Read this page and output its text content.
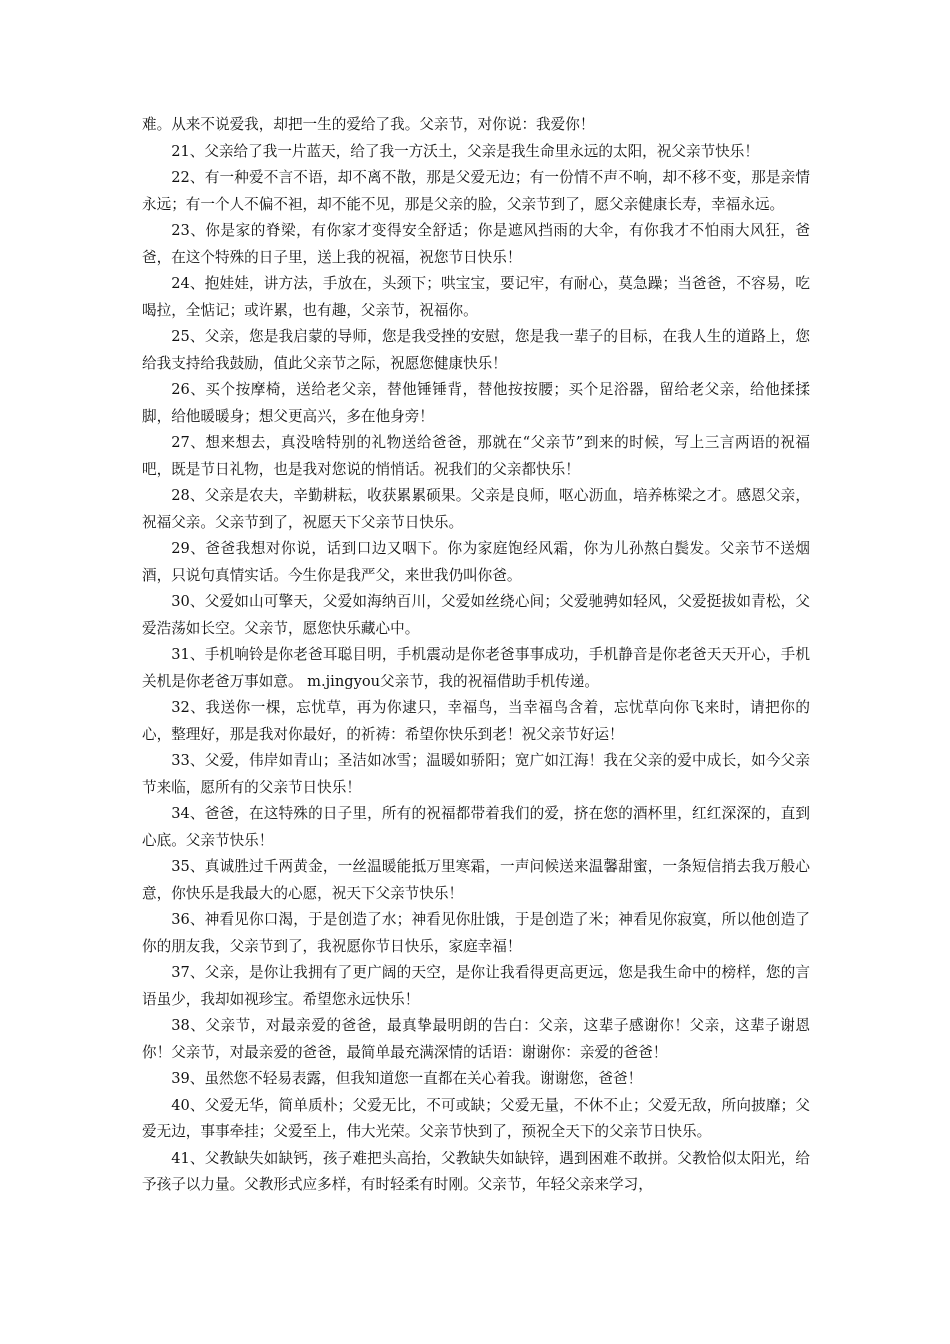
难。从来不说爱我，却把一生的爱给了我。父亲节，对你说：我爱你！

21、父亲给了我一片蓝天，给了我一方沃土，父亲是我生命里永远的太阳，祝父亲节快乐！

22、有一种爱不言不语，却不离不散，那是父爱无边；有一份情不声不响，却不移不变，那是亲情永远；有一个人不偏不袒，却不能不见，那是父亲的脸，父亲节到了，愿父亲健康长寿，幸福永远。

23、你是家的脊梁，有你家才变得安全舒适；你是遮风挡雨的大伞，有你我才不怕雨大风狂，爸爸，在这个特殊的日子里，送上我的祝福，祝您节日快乐！

24、抱娃娃，讲方法，手放在，头颈下；哄宝宝，要记牢，有耐心，莫急躁；当爸爸，不容易，吃喝拉，全惦记；或许累，也有趣，父亲节，祝福你。

25、父亲，您是我启蒙的导师，您是我受挫的安慰，您是我一辈子的目标，在我人生的道路上，您给我支持给我鼓励，值此父亲节之际，祝愿您健康快乐！

26、买个按摩椅，送给老父亲，替他锤锤背，替他按按腰；买个足浴器，留给老父亲，给他揉揉脚，给他暖暖身；想父更高兴，多在他身旁！

27、想来想去，真没啥特别的礼物送给爸爸，那就在“父亲节”到来的时候，写上三言两语的祝福吧，既是节日礼物，也是我对您说的悄悄话。祝我们的父亲都快乐！

28、父亲是农夫，辛勤耕耘，收获累累硕果。父亲是良师，呕心沥血，培养栋梁之才。感恩父亲，祝福父亲。父亲节到了，祝愿天下父亲节日快乐。

29、爸爸我想对你说，话到口边又咽下。你为家庭饱经风霜，你为儿孙熬白鬓发。父亲节不送烟酒，只说句真情实话。今生你是我严父，来世我仍叫你爸。

30、父爱如山可擎天，父爱如海纳百川，父爱如丝绕心间；父爱驰骋如轻风，父爱挺拔如青松，父爱浩荡如长空。父亲节，愿您快乐藏心中。

31、手机响铃是你老爸耳聪目明，手机震动是你老爸事事成功，手机静音是你老爸天天开心，手机关机是你老爸万事如意。 m.jingyou父亲节，我的祝福借助手机传递。

32、我送你一棵，忘忧草，再为你逮只，幸福鸟，当幸福鸟含着，忘忧草向你飞来时，请把你的心，整理好，那是我对你最好，的祈祷：希望你快乐到老！祝父亲节好运！

33、父爱，伟岸如青山；圣洁如冰雪；温暖如骄阳；宽广如江海！我在父亲的爱中成长，如今父亲节来临，愿所有的父亲节日快乐！

34、爸爸，在这特殊的日子里，所有的祝福都带着我们的爱，挤在您的酒杯里，红红深深的，直到心底。父亲节快乐！

35、真诚胜过千两黄金，一丝温暖能抵万里寒霜，一声问候送来温馨甜蜜，一条短信捎去我万般心意，你快乐是我最大的心愿，祝天下父亲节快乐！

36、神看见你口渴，于是创造了水；神看见你肚饿，于是创造了米；神看见你寂寞，所以他创造了你的朋友我，父亲节到了，我祝愿你节日快乐，家庭幸福！

37、父亲，是你让我拥有了更广阔的天空，是你让我看得更高更远，您是我生命中的榜样，您的言语虽少，我却如视珍宝。希望您永远快乐！

38、父亲节，对最亲爱的爸爸，最真挚最明朗的告白：父亲，这辈子感谢你！父亲，这辈子谢恩你！父亲节，对最亲爱的爸爸，最简单最充满深情的话语：谢谢你：亲爱的爸爸！

39、虽然您不轻易表露，但我知道您一直都在关心着我。谢谢您，爸爸！

40、父爱无华，简单质朴；父爱无比，不可或缺；父爱无量，不休不止；父爱无敌，所向披靡；父爱无边，事事牵挂；父爱至上，伟大光荣。父亲节快到了，预祝全天下的父亲节日快乐。

41、父教缺失如缺钙，孩子难把头高抬，父教缺失如缺锌，遇到困难不敢拼。父教恰似太阳光，给予孩子以力量。父教形式应多样，有时轻柔有时刚。父亲节，年轻父亲来学习，
